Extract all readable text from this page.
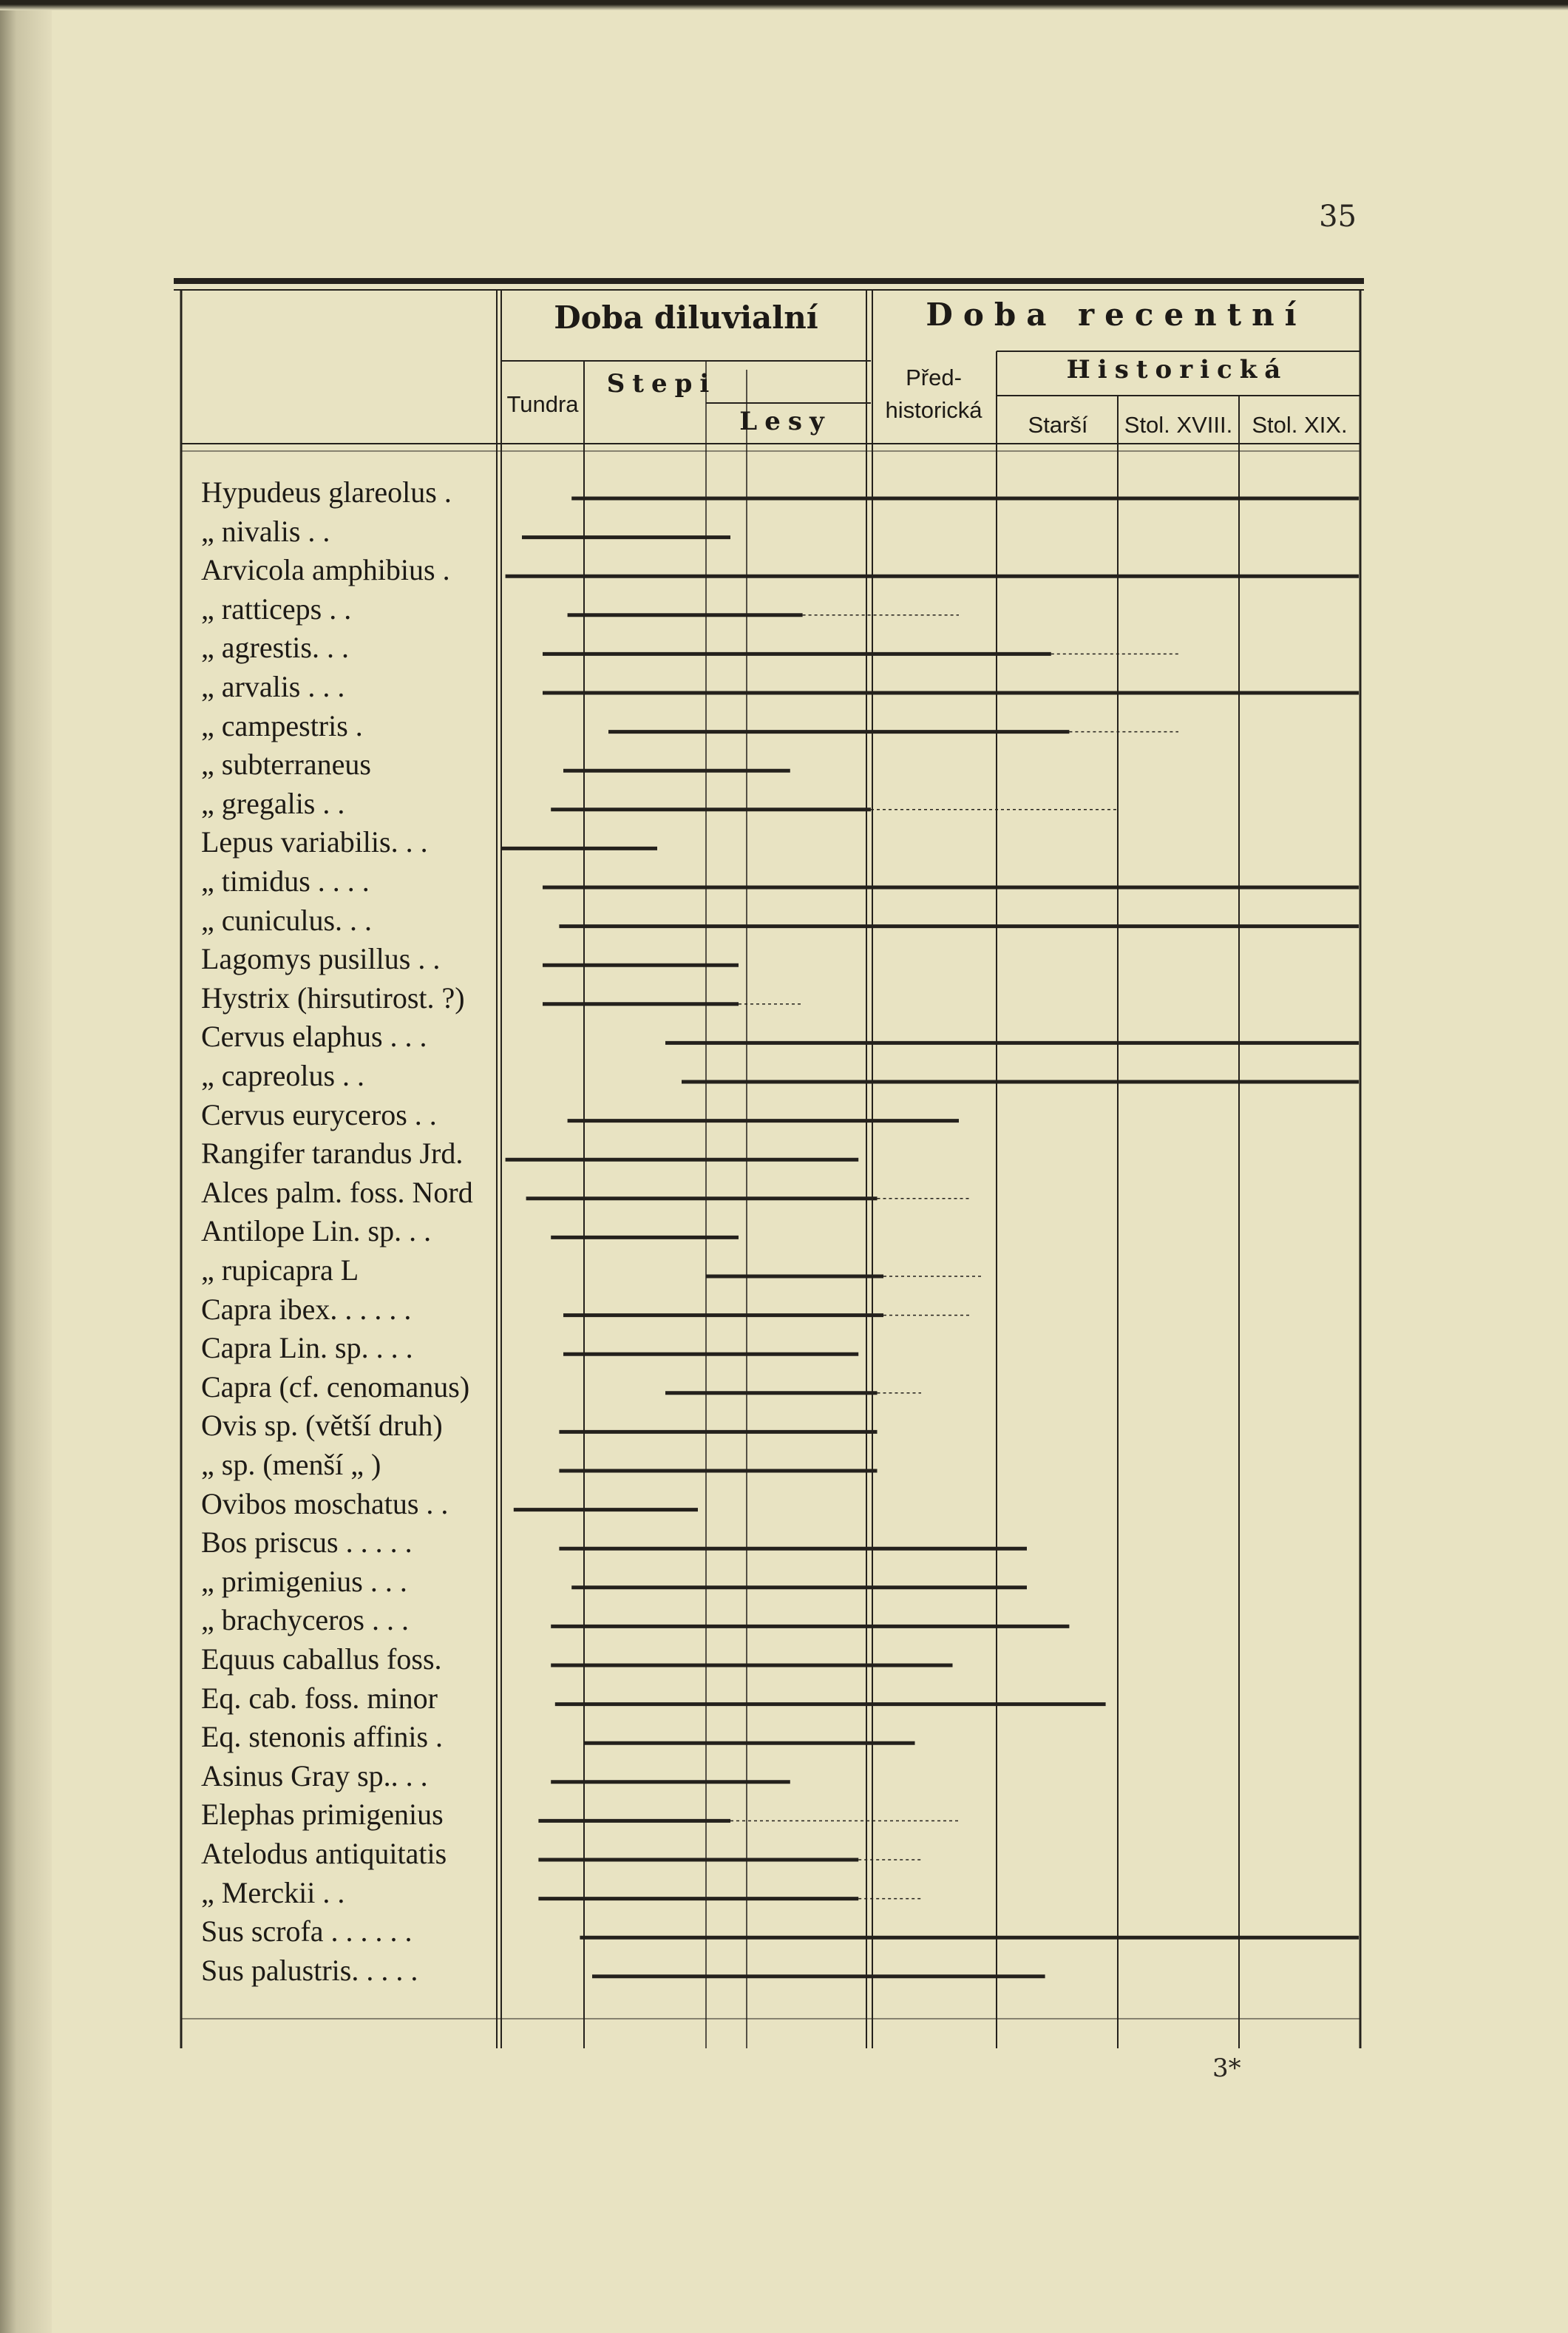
35
Doba diluvialní	Doba recentní
Tundra
Stepi
Lesy
Před-
historická
Historická
Starší	Stol. XVIII. Stol. XIX.
Hypudeus glareolus .
„ nivalis . .
Arvicola amphibius .
„ ratticeps . .
„ agrestis. . .
„ arvalis . . .
„ campestris .
„ subterraneus
„ gregalis . .
Lepus variabilis. . .
„ timidus . . . .
„ cuniculus. . .
Lagomys pusillus . .
Hystrix (hirsutirost. ?)
Cervus elaphus . . .
„ capreolus . .
Cervus euryceros . .
Rangifer tarandus Jrd.
Alces palm. foss. Nord
Antilope Lin. sp. . .
„ rupicapra L
Capra ibex. . . . . .
Capra Lin. sp. . . .
Capra (cf. cenomanus)
Ovis sp. (větší druh)
„ sp. (menší „ )
Ovibos moschatus . .
Bos priscus . . . . .
„ primigenius . . .
„ brachyceros . . .
Equus caballus foss.
Eq. cab. foss. minor
Eq. stenonis affinis .
Asinus Gray sp.. . .
Elephas primigenius
Atelodus antiquitatis
„ Merckii . .
Sus scrofa . . . . . .
Sus palustris. . . . .
3*
